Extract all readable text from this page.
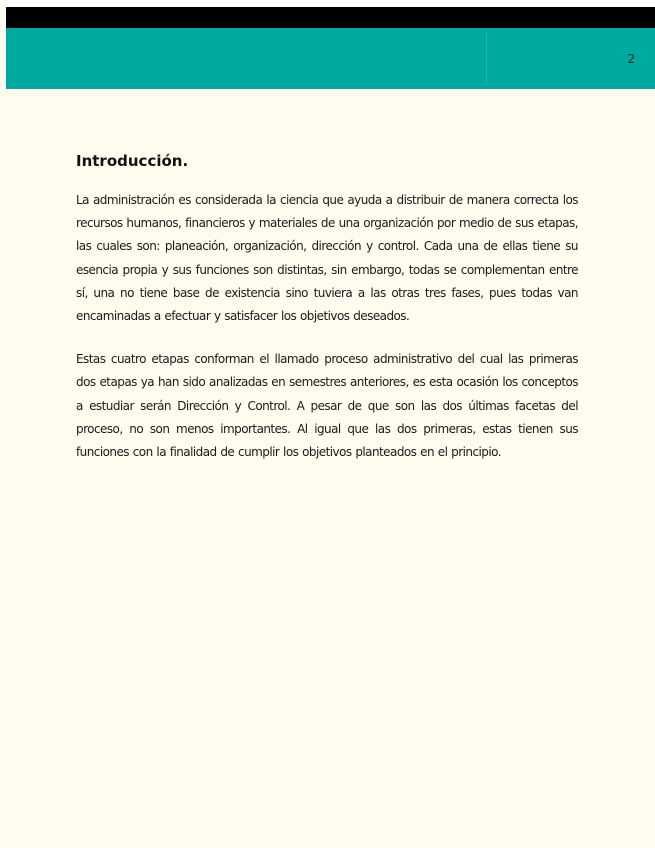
2
Introducción.

La administración es considerada la ciencia que ayuda a distribuir de manera correcta los recursos humanos, financieros y materiales de una organización por medio de sus etapas, las cuales son: planeación, organización, dirección y control. Cada una de ellas tiene su esencia propia y sus funciones son distintas, sin embargo, todas se complementan entre sí, una no tiene base de existencia sino tuviera a las otras tres fases, pues todas van encaminadas a efectuar y satisfacer los objetivos deseados.

Estas cuatro etapas conforman el llamado proceso administrativo del cual las primeras dos etapas ya han sido analizadas en semestres anteriores, es esta ocasión los conceptos a estudiar serán Dirección y Control. A pesar de que son las dos últimas facetas del proceso, no son menos importantes. Al igual que las dos primeras, estas tienen sus funciones con la finalidad de cumplir los objetivos planteados en el principio.
